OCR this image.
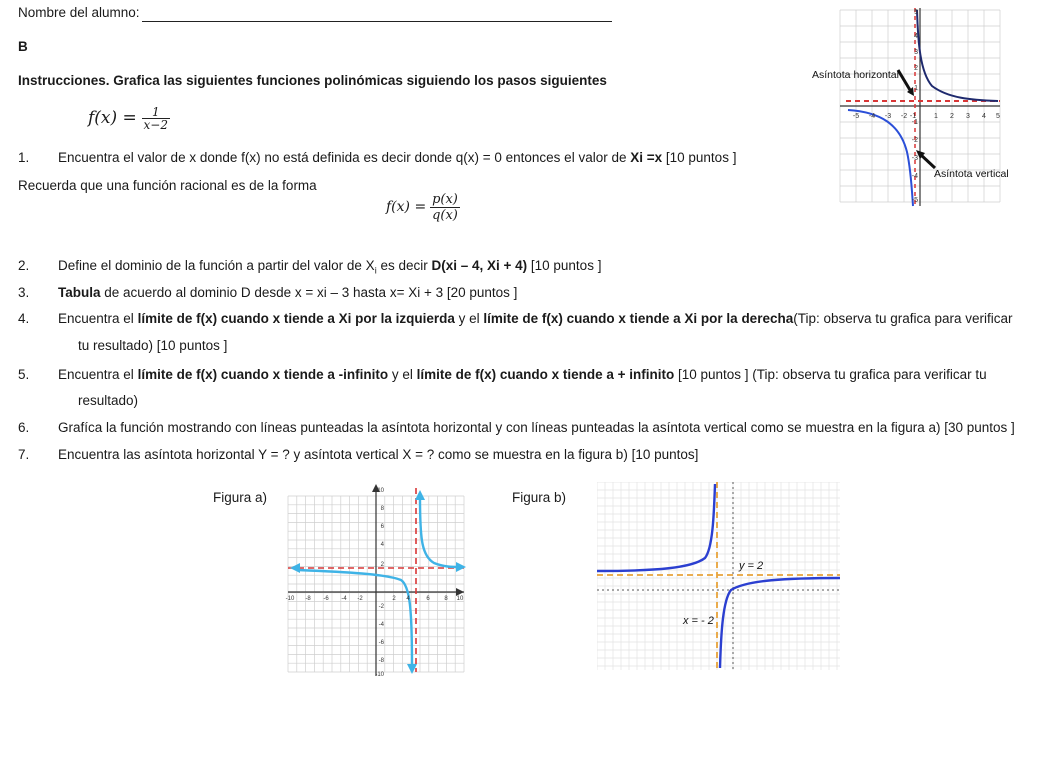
Nombre del alumno:
B
Instrucciones. Grafica las siguientes funciones polinómicas siguiendo los pasos siguientes
$f(x) = \frac{1}{x-2}$
1. Encuentra el valor de x donde f(x) no está definida es decir donde q(x) = 0 entonces el valor de Xi =x [10 puntos ]
Recuerda que una función racional es de la forma
$f(x) = \frac{p(x)}{q(x)}$
2. Define el dominio de la función a partir del valor de $X_i$ es decir D(xi – 4, Xi + 4) [10 puntos ]
3. Tabula de acuerdo al dominio D desde x = xi – 3 hasta x= Xi + 3 [20 puntos ]
4. Encuentra el límite de f(x) cuando x tiende a Xi por la izquierda y el límite de f(x) cuando x tiende a Xi por la derecha(Tip: observa tu grafica para verificar
tu resultado) [10 puntos ]
5. Encuentra el límite de f(x) cuando x tiende a -infinito y el límite de f(x) cuando x tiende a + infinito [10 puntos ] (Tip: observa tu grafica para verificar tu
resultado)
6. Grafíca la función mostrando con líneas punteadas la asíntota horizontal y con líneas punteadas la asíntota vertical como se muestra en la figura a) [30 puntos ]
7. Encuentra las asíntota horizontal Y = ? y asíntota vertical X = ? como se muestra en la figura b) [10 puntos]
Asíntota horizontal
Asíntota vertical
-5 -4 -3 -2 -1	1 2 3 4 5
5
4
3
2
1
-1
-2
-3
-4
-5
Figura a)
-10 -8 -6 -4 -2	2 4	6 8 10
10
8
6
4
2
-2
-4
-6
-8
-10
Figura b)
y = 2
x = - 2
